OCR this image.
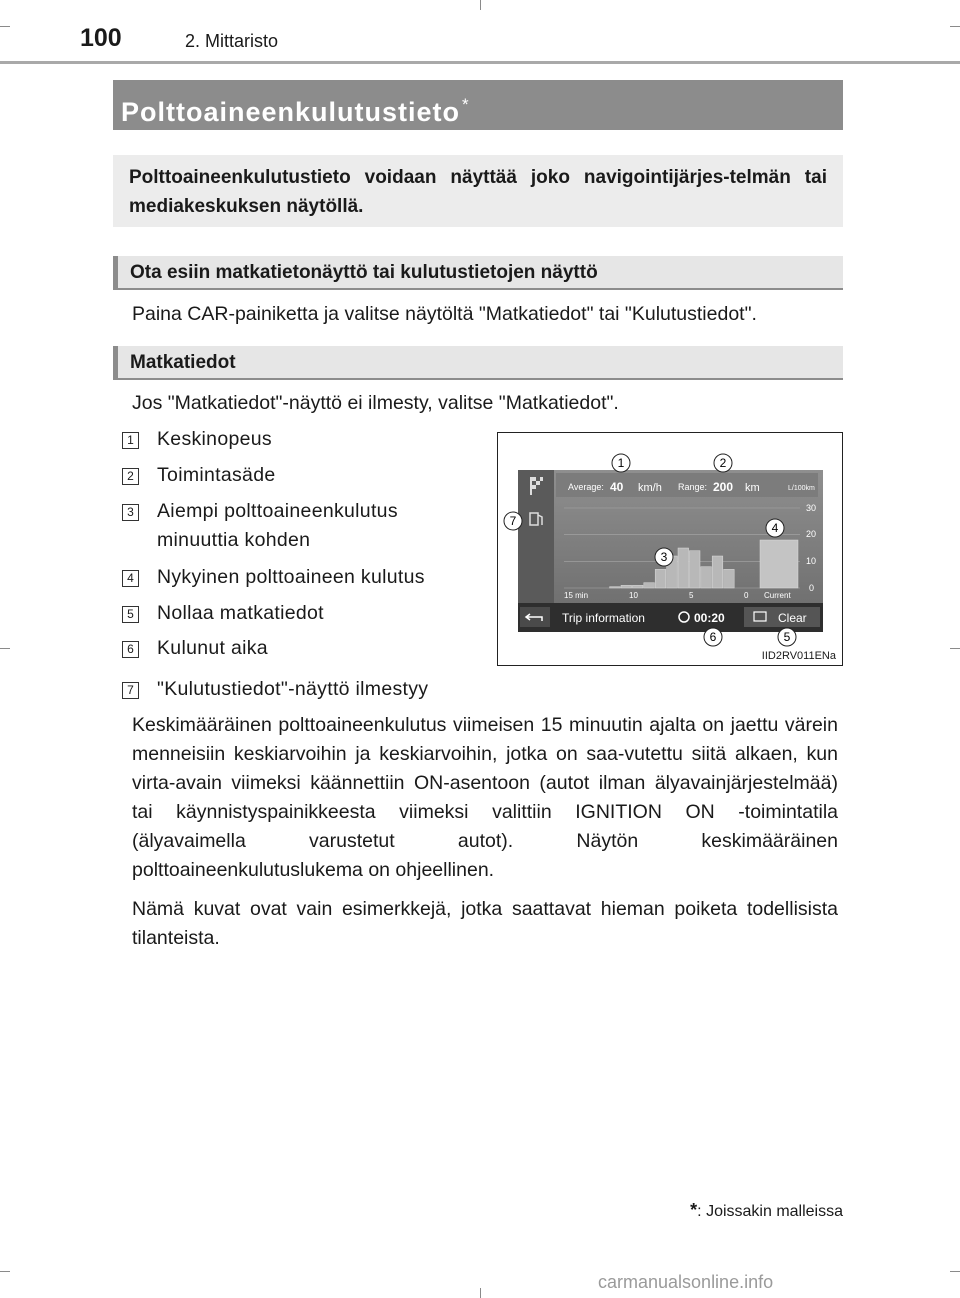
100	2. Mittaristo
Polttoaineenkulutustieto *
Polttoaineenkulutustieto voidaan näyttää joko navigointijärjes-telmän tai mediakeskuksen näytöllä.
Ota esiin matkatietonäyttö tai kulutustietojen näyttö
Paina CAR-painiketta ja valitse näytöltä "Matkatiedot" tai "Kulutustiedot".
Matkatiedot
Jos "Matkatiedot"-näyttö ei ilmesty, valitse "Matkatiedot".
1 Keskinopeus
2 Toimintasäde
3 Aiempi polttoaineenkulutus minuuttia kohden
4 Nykyinen polttoaineen kulutus
5 Nollaa matkatiedot
6 Kulunut aika
7 "Kulutustiedot"-näyttö ilmestyy
Average: 40 km/h Range: 200 km	L/100km
15 min	10	5	0 Current
30
20
10
0
Trip information	00:20	Clear
1	2
3
4
5
6
7
IID2RV011ENa
Keskimääräinen polttoaineenkulutus viimeisen 15 minuutin ajalta on jaettu värein menneisiin keskiarvoihin ja keskiarvoihin, jotka on saa-vutettu siitä alkaen, kun virta-avain viimeksi käännettiin ON-asentoon (autot ilman älyavainjärjestelmää) tai käynnistyspainikkeesta viimeksi valittiin IGNITION ON -toimintatila (älyavaimella varustetut autot). Näytön keskimääräinen polttoaineenkulutuslukema on ohjeellinen.
Nämä kuvat ovat vain esimerkkejä, jotka saattavat hieman poiketa todellisista tilanteista.
*: Joissakin malleissa
carmanualsonline.info
